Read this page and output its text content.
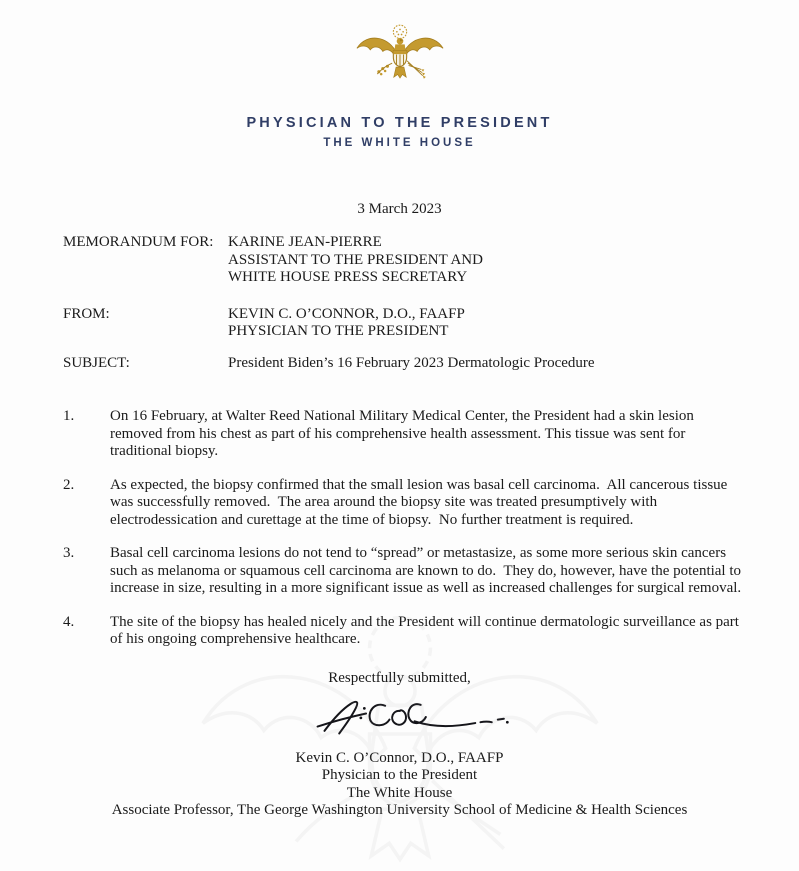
PHYSICIAN TO THE PRESIDENT
THE WHITE HOUSE
3 March 2023
MEMORANDUM FOR: KARINE JEAN-PIERRE
ASSISTANT TO THE PRESIDENT AND
WHITE HOUSE PRESS SECRETARY
FROM:	KEVIN C. O’CONNOR, D.O., FAAFP
PHYSICIAN TO THE PRESIDENT
SUBJECT:	President Biden’s 16 February 2023 Dermatologic Procedure
1.	On 16 February, at Walter Reed National Military Medical Center, the President had a skin lesion removed from his chest as part of his comprehensive health assessment. This tissue was sent for traditional biopsy.
2.	As expected, the biopsy confirmed that the small lesion was basal cell carcinoma.  All cancerous tissue was successfully removed.  The area around the biopsy site was treated presumptively with electrodessication and curettage at the time of biopsy.  No further treatment is required.
3.	Basal cell carcinoma lesions do not tend to “spread” or metastasize, as some more serious skin cancers such as melanoma or squamous cell carcinoma are known to do.  They do, however, have the potential to increase in size, resulting in a more significant issue as well as increased challenges for surgical removal.
4.	The site of the biopsy has healed nicely and the President will continue dermatologic surveillance as part of his ongoing comprehensive healthcare.
Respectfully submitted,
Kevin C. O’Connor, D.O., FAAFP
Physician to the President
The White House
Associate Professor, The George Washington University School of Medicine & Health Sciences
